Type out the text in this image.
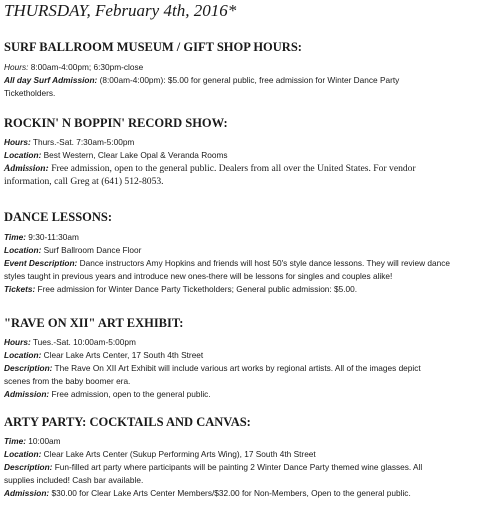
THURSDAY, February 4th, 2016*

SURF BALLROOM MUSEUM / GIFT SHOP HOURS:

Hours: 8:00am-4:00pm; 6:30pm-close

All day Surf Admission: (8:00am-4:00pm): $5.00 for general public, free admission for Winter Dance Party

Ticketholders.

ROCKIN' N BOPPIN' RECORD SHOW:

Hours: Thurs.-Sat. 7:30am-5:00pm

Location: Best Western, Clear Lake Opal & Veranda Rooms

Admission: Free admission, open to the general public. Dealers from all over the United States. For vendor

information, call Greg at (641) 512-8053.

DANCE LESSONS:

Time: 9:30-11:30am

Location: Surf Ballroom Dance Floor

Event Description: Dance instructors Amy Hopkins and friends will host 50's style dance lessons. They will review dance

styles taught in previous years and introduce new ones-there will be lessons for singles and couples alike!

Tickets: Free admission for Winter Dance Party Ticketholders; General public admission: $5.00.

"RAVE ON XII" ART EXHIBIT:

Hours: Tues.-Sat. 10:00am-5:00pm

Location: Clear Lake Arts Center, 17 South 4th Street

Description: The Rave On XII Art Exhibit will include various art works by regional artists. All of the images depict

scenes from the baby boomer era.

Admission: Free admission, open to the general public.

ARTY PARTY: COCKTAILS AND CANVAS:

Time: 10:00am

Location: Clear Lake Arts Center (Sukup Performing Arts Wing), 17 South 4th Street

Description: Fun-filled art party where participants will be painting 2 Winter Dance Party themed wine glasses. All

supplies included! Cash bar available.

Admission: $30.00 for Clear Lake Arts Center Members/$32.00 for Non-Members, Open to the general public.
